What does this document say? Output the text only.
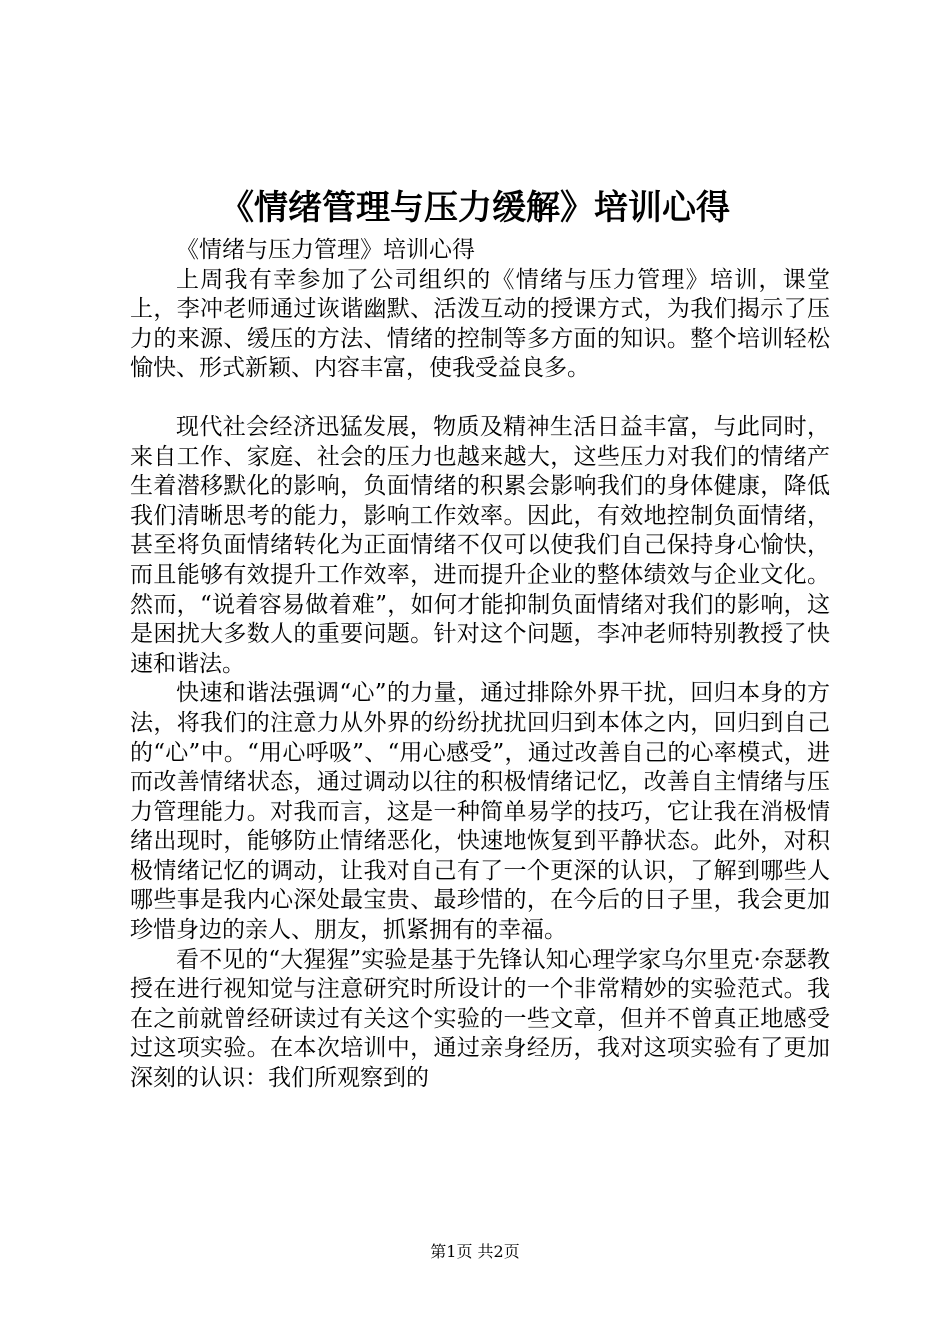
《情绪管理与压力缓解》培训心得

《情绪与压力管理》培训心得

上周我有幸参加了公司组织的《情绪与压力管理》培训，课堂上，李冲老师通过诙谐幽默、活泼互动的授课方式，为我们揭示了压力的来源、缓压的方法、情绪的控制等多方面的知识。整个培训轻松愉快、形式新颖、内容丰富，使我受益良多。

现代社会经济迅猛发展，物质及精神生活日益丰富，与此同时，来自工作、家庭、社会的压力也越来越大，这些压力对我们的情绪产生着潜移默化的影响，负面情绪的积累会影响我们的身体健康，降低我们清晰思考的能力，影响工作效率。因此，有效地控制负面情绪，甚至将负面情绪转化为正面情绪不仅可以使我们自己保持身心愉快，而且能够有效提升工作效率，进而提升企业的整体绩效与企业文化。然而，“说着容易做着难”，如何才能抑制负面情绪对我们的影响，这是困扰大多数人的重要问题。针对这个问题，李冲老师特别教授了快速和谐法。

快速和谐法强调“心”的力量，通过排除外界干扰，回归本身的方法，将我们的注意力从外界的纷纷扰扰回归到本体之内，回归到自己的“心”中。“用心呼吸”、“用心感受”，通过改善自己的心率模式，进而改善情绪状态，通过调动以往的积极情绪记忆，改善自主情绪与压力管理能力。对我而言，这是一种简单易学的技巧，它让我在消极情绪出现时，能够防止情绪恶化，快速地恢复到平静状态。此外，对积极情绪记忆的调动，让我对自己有了一个更深的认识，了解到哪些人哪些事是我内心深处最宝贵、最珍惜的，在今后的日子里，我会更加珍惜身边的亲人、朋友，抓紧拥有的幸福。

看不见的“大猩猩”实验是基于先锋认知心理学家乌尔里克·奈瑟教授在进行视知觉与注意研究时所设计的一个非常精妙的实验范式。我在之前就曾经研读过有关这个实验的一些文章，但并不曾真正地感受过这项实验。在本次培训中，通过亲身经历，我对这项实验有了更加深刻的认识：我们所观察到的

第1页 共2页
